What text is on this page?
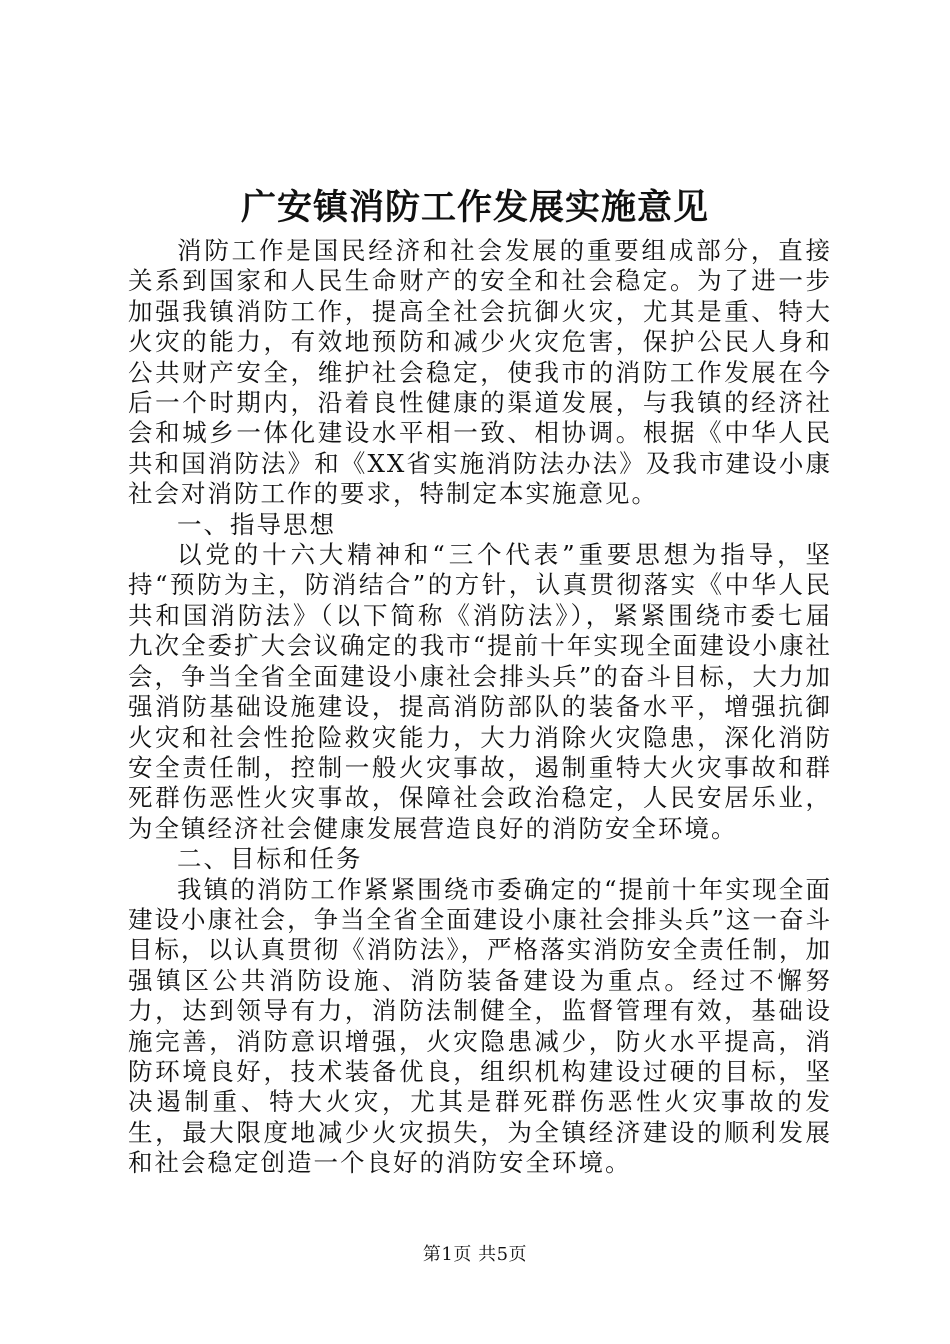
广安镇消防工作发展实施意见

消防工作是国民经济和社会发展的重要组成部分，直接关系到国家和人民生命财产的安全和社会稳定。为了进一步加强我镇消防工作，提高全社会抗御火灾，尤其是重、特大火灾的能力，有效地预防和减少火灾危害，保护公民人身和公共财产安全，维护社会稳定，使我市的消防工作发展在今后一个时期内，沿着良性健康的渠道发展，与我镇的经济社会和城乡一体化建设水平相一致、相协调。根据《中华人民共和国消防法》和《XX省实施消防法办法》及我市建设小康社会对消防工作的要求，特制定本实施意见。

一、指导思想

以党的十六大精神和“三个代表”重要思想为指导，坚持“预防为主，防消结合”的方针，认真贯彻落实《中华人民共和国消防法》（以下简称《消防法》），紧紧围绕市委七届九次全委扩大会议确定的我市“提前十年实现全面建设小康社会，争当全省全面建设小康社会排头兵”的奋斗目标，大力加强消防基础设施建设，提高消防部队的装备水平，增强抗御火灾和社会性抢险救灾能力，大力消除火灾隐患，深化消防安全责任制，控制一般火灾事故，遏制重特大火灾事故和群死群伤恶性火灾事故，保障社会政治稳定，人民安居乐业，为全镇经济社会健康发展营造良好的消防安全环境。

二、目标和任务

我镇的消防工作紧紧围绕市委确定的“提前十年实现全面建设小康社会，争当全省全面建设小康社会排头兵”这一奋斗目标，以认真贯彻《消防法》，严格落实消防安全责任制，加强镇区公共消防设施、消防装备建设为重点。经过不懈努力，达到领导有力，消防法制健全，监督管理有效，基础设施完善，消防意识增强，火灾隐患减少，防火水平提高，消防环境良好，技术装备优良，组织机构建设过硬的目标，坚决遏制重、特大火灾，尤其是群死群伤恶性火灾事故的发生，最大限度地减少火灾损失，为全镇经济建设的顺利发展和社会稳定创造一个良好的消防安全环境。

第1页 共5页
